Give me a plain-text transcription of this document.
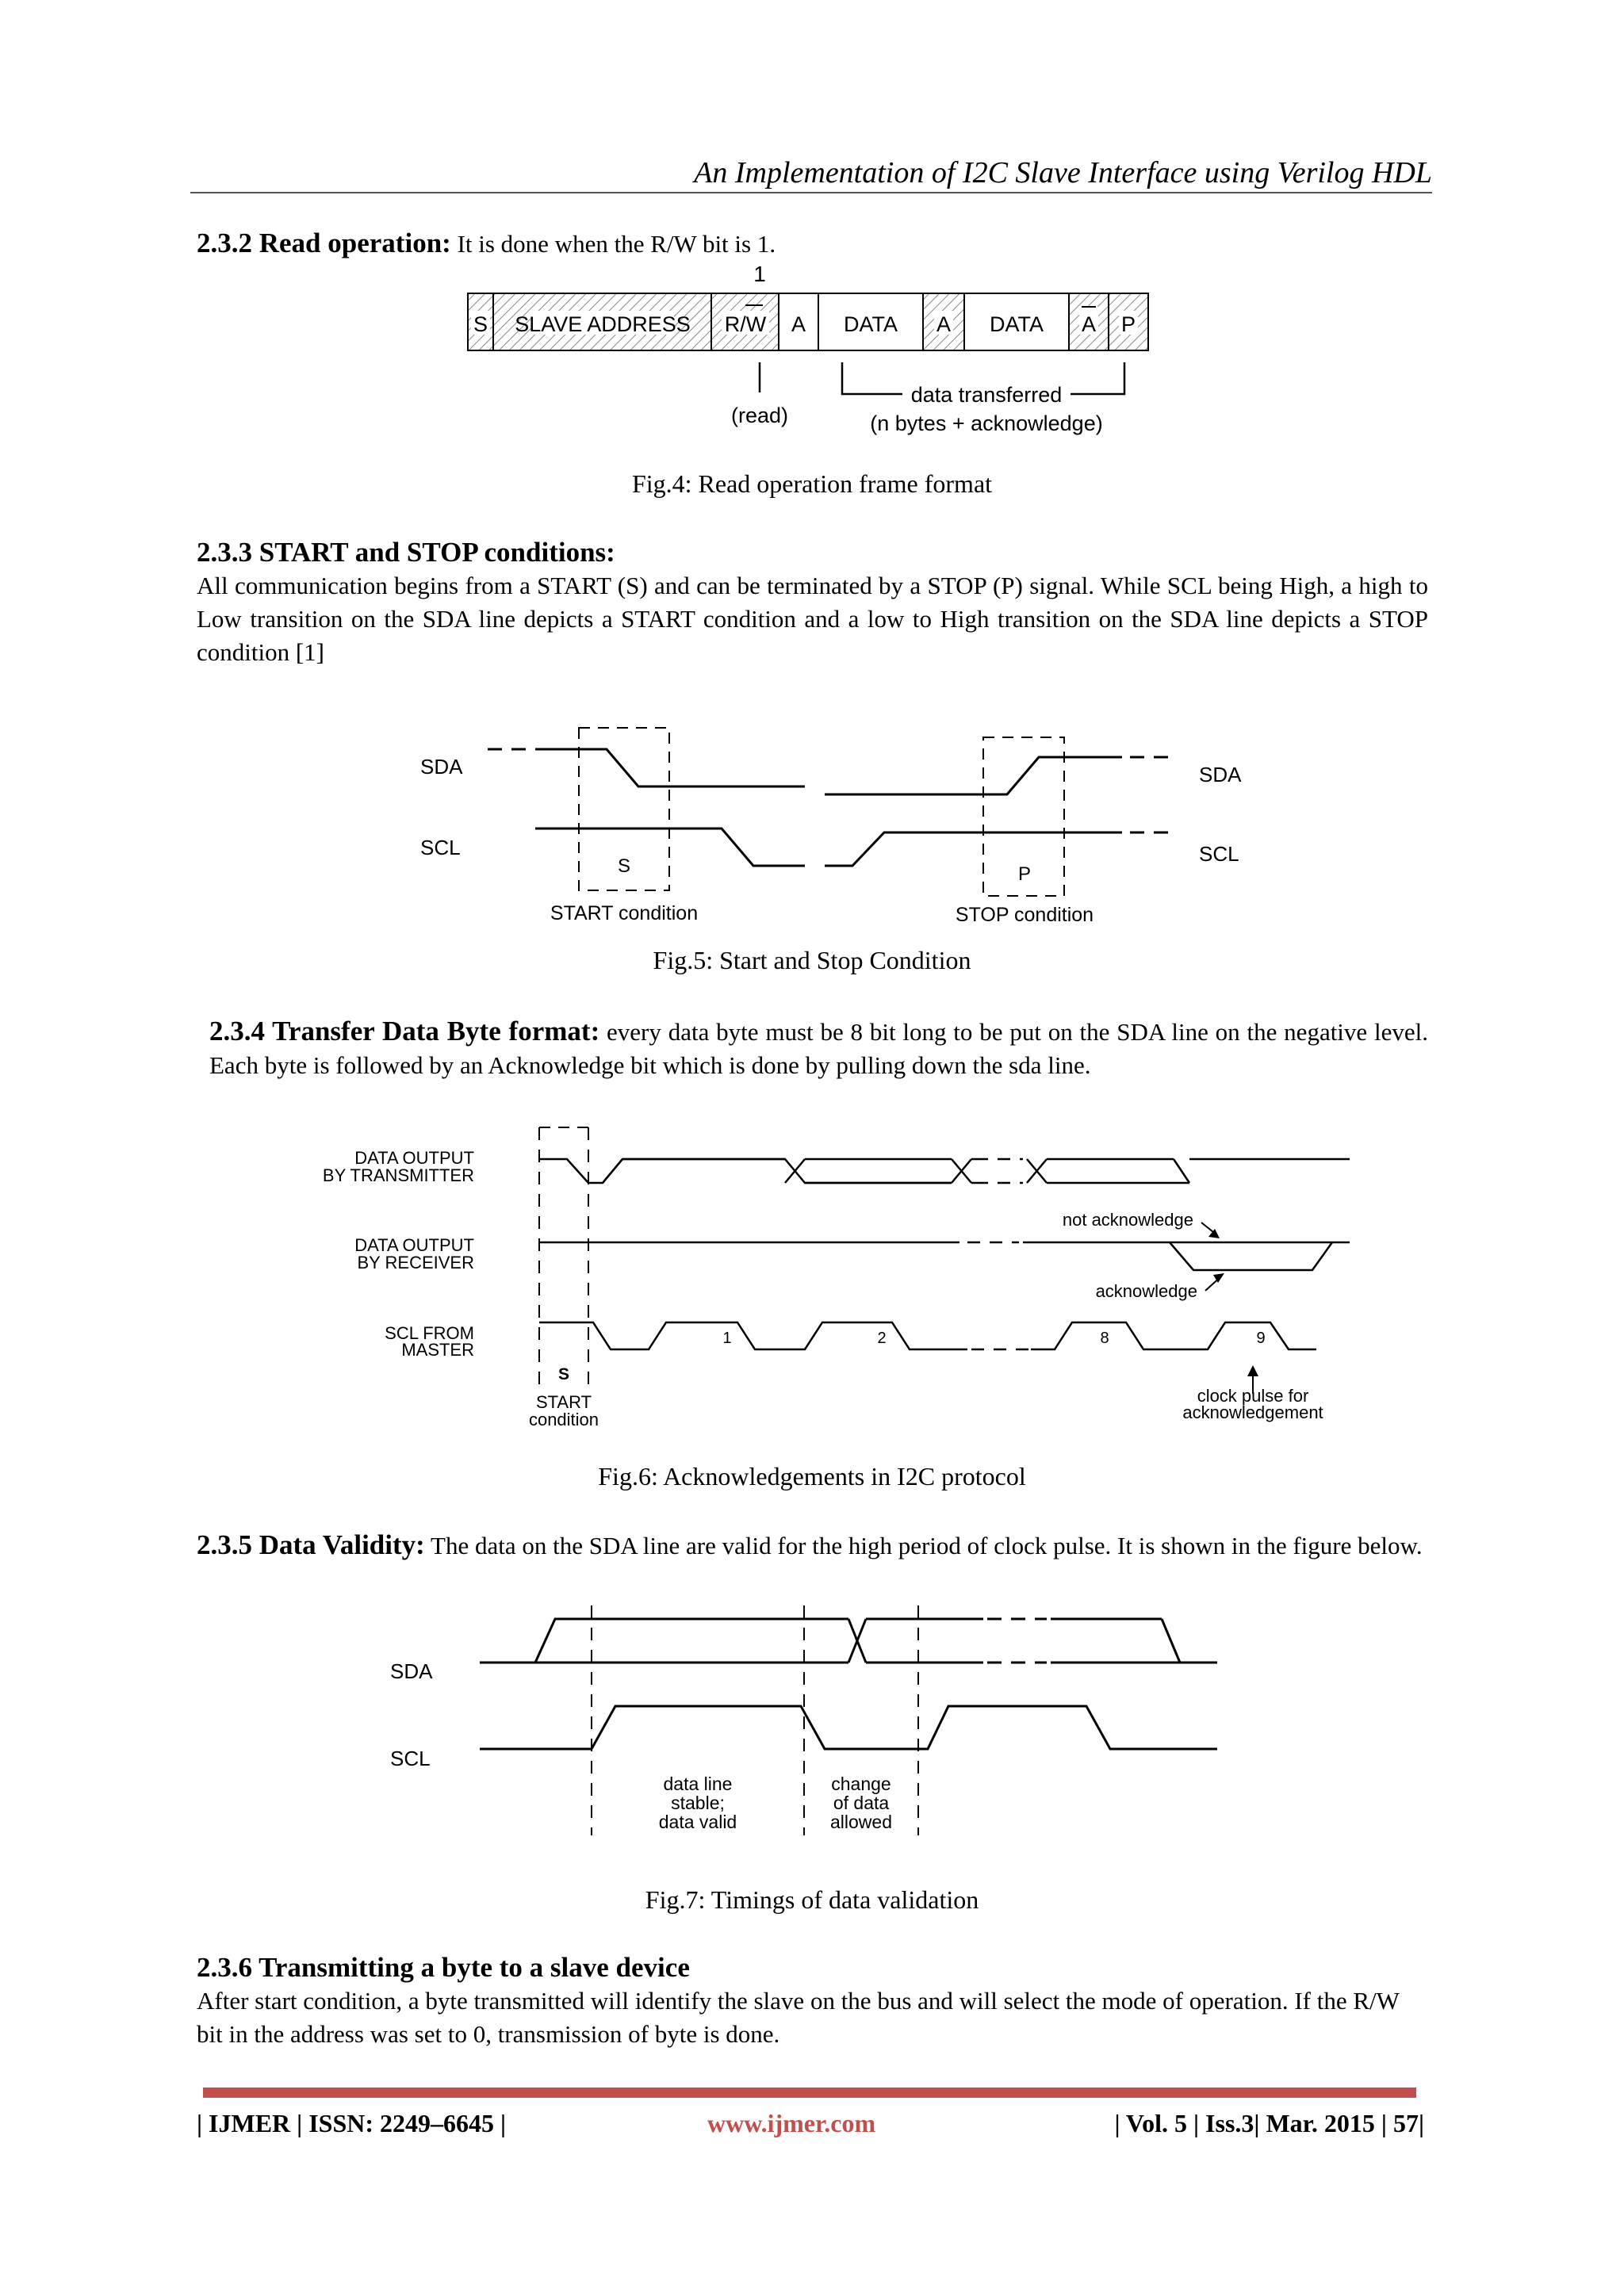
An Implementation of I2C Slave Interface using Verilog HDL
2.3.2 Read operation: It is done when the R/W bit is 1.
1
S SLAVE ADDRESS R/W A DATA A DATA A P
(read)
data transferred
(n bytes + acknowledge)
Fig.4: Read operation frame format
2.3.3 START and STOP conditions:
All communication begins from a START (S) and can be terminated by a STOP (P) signal. While SCL being High, a high to Low transition on the SDA line depicts a START condition and a low to High transition on the SDA line depicts a STOP condition [1]
SDA
SCL
S	P
SDA
SCL
START condition	STOP condition
Fig.5: Start and Stop Condition
2.3.4 Transfer Data Byte format: every data byte must be 8 bit long to be put on the SDA line on the negative level. Each byte is followed by an Acknowledge bit which is done by pulling down the sda line.
DATA OUTPUT
BY TRANSMITTER
DATA OUTPUT
BY RECEIVER
SCL FROM
MASTER
not acknowledge
acknowledge
1	2	8	9
S
START
condition
clock pulse for
acknowledgement
Fig.6: Acknowledgements in I2C protocol
2.3.5 Data Validity: The data on the SDA line are valid for the high period of clock pulse. It is shown in the figure below.
SDA
SCL
data line
stable;
data valid
change
of data
allowed
Fig.7: Timings of data validation
2.3.6 Transmitting a byte to a slave device
After start condition, a byte transmitted will identify the slave on the bus and will select the mode of operation. If the R/W bit in the address was set to 0, transmission of byte is done.
| IJMER | ISSN: 2249–6645 |	www.ijmer.com	| Vol. 5 | Iss.3| Mar. 2015 | 57|
